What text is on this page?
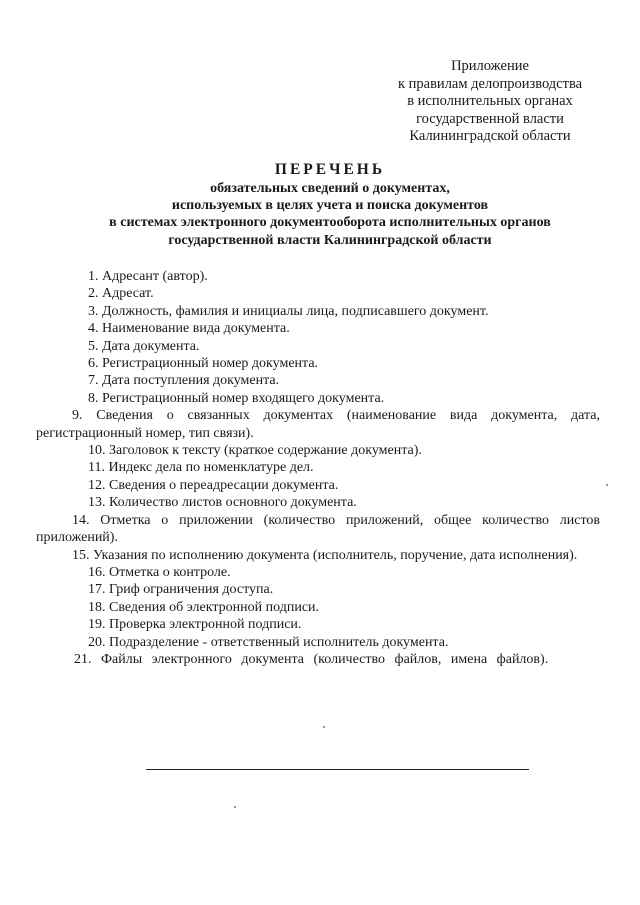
Приложение
к правилам делопроизводства
в исполнительных органах
государственной власти
Калининградской области
ПЕРЕЧЕНЬ
обязательных сведений о документах,
используемых в целях учета и поиска документов
в системах электронного документооборота исполнительных органов
государственной власти Калининградской области

1. Адресант (автор).

2. Адресат.

3. Должность, фамилия и инициалы лица, подписавшего документ.

4. Наименование вида документа.

5. Дата документа.

6. Регистрационный номер документа.

7. Дата поступления документа.

8. Регистрационный номер входящего документа.

9. Сведения о связанных документах (наименование вида документа, дата, регистрационный номер, тип связи).

10. Заголовок к тексту (краткое содержание документа).

11. Индекс дела по номенклатуре дел.

12. Сведения о переадресации документа.

13. Количество листов основного документа.

14. Отметка о приложении (количество приложений, общее количество листов приложений).

15. Указания по исполнению документа (исполнитель, поручение, дата исполнения).

16. Отметка о контроле.

17. Гриф ограничения доступа.

18. Сведения об электронной подписи.

19. Проверка электронной подписи.

20. Подразделение - ответственный исполнитель документа.

21. Файлы электронного документа (количество файлов, имена файлов).
